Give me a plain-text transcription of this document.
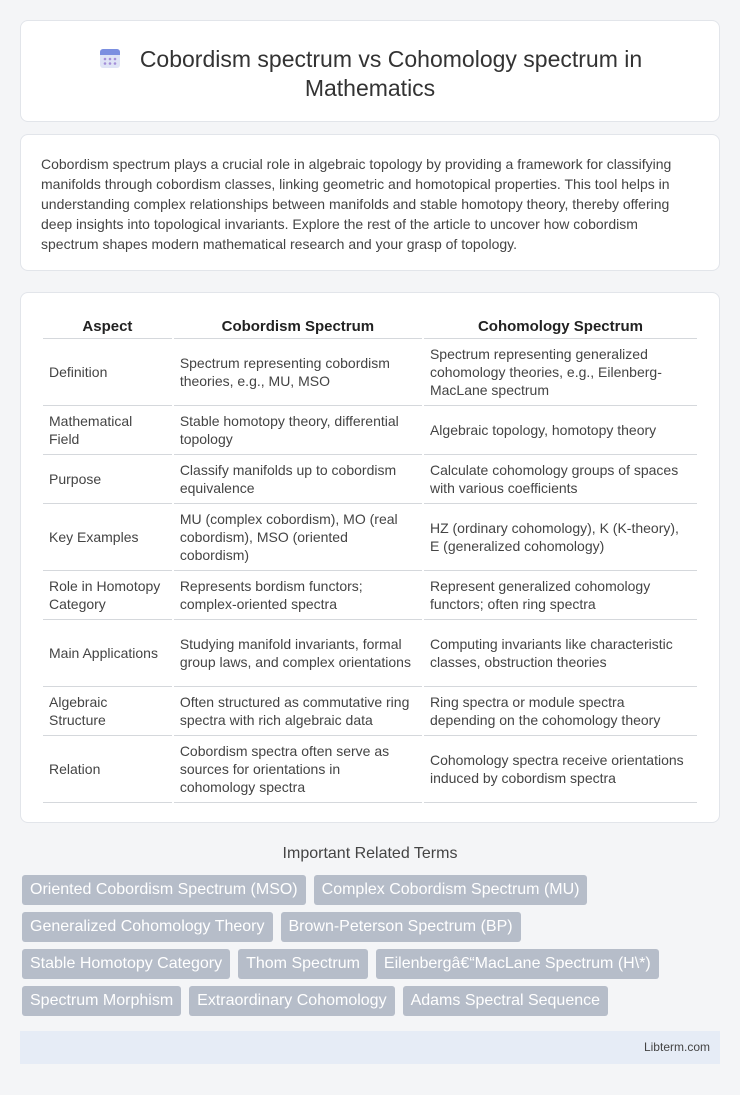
Cobordism spectrum vs Cohomology spectrum in Mathematics

Cobordism spectrum plays a crucial role in algebraic topology by providing a framework for classifying manifolds through cobordism classes, linking geometric and homotopical properties. This tool helps in understanding complex relationships between manifolds and stable homotopy theory, thereby offering deep insights into topological invariants. Explore the rest of the article to uncover how cobordism spectrum shapes modern mathematical research and your grasp of topology.

Aspect	Cobordism Spectrum	Cohomology Spectrum
Definition	Spectrum representing cobordism theories, e.g., MU, MSO	Spectrum representing generalized cohomology theories, e.g., Eilenberg-MacLane spectrum
Mathematical Field	Stable homotopy theory, differential topology	Algebraic topology, homotopy theory
Purpose	Classify manifolds up to cobordism equivalence	Calculate cohomology groups of spaces with various coefficients
Key Examples	MU (complex cobordism), MO (real cobordism), MSO (oriented cobordism)	HZ (ordinary cohomology), K (K-theory), E (generalized cohomology)
Role in Homotopy Category	Represents bordism functors; complex-oriented spectra	Represent generalized cohomology functors; often ring spectra
Main Applications	Studying manifold invariants, formal group laws, and complex orientations	Computing invariants like characteristic classes, obstruction theories
Algebraic Structure	Often structured as commutative ring spectra with rich algebraic data	Ring spectra or module spectra depending on the cohomology theory
Relation	Cobordism spectra often serve as sources for orientations in cohomology spectra	Cohomology spectra receive orientations induced by cobordism spectra
Important Related Terms
Oriented Cobordism Spectrum (MSO)	Complex Cobordism Spectrum (MU)
Generalized Cohomology Theory	Brown-Peterson Spectrum (BP)
Stable Homotopy Category	Thom Spectrum	Eilenbergâ€“MacLane Spectrum (H\*)
Spectrum Morphism	Extraordinary Cohomology	Adams Spectral Sequence
Libterm.com
